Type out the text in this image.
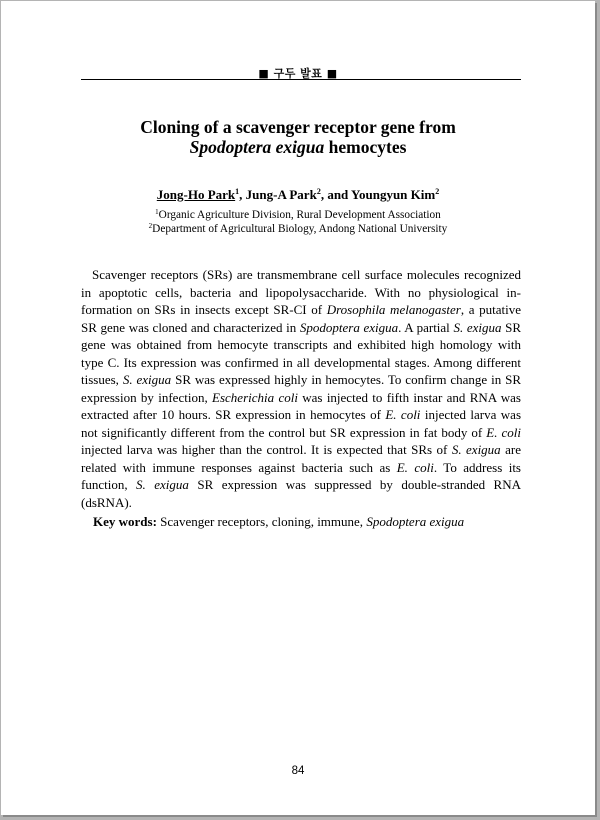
■ 구두 발표 ■
Cloning of a scavenger receptor gene from
Spodoptera exigua hemocytes
Jong-Ho Park$^1$, Jung-A Park$^2$, and Youngyun Kim$^2$
$^1$Organic Agriculture Division, Rural Development Association
$^2$Department of Agricultural Biology, Andong National University

Scavenger receptors (SRs) are transmembrane cell surface molecules recognized in apoptotic cells, bacteria and lipopolysaccharide. With no physiological information on SRs in insects except SR-CI of Drosophila melanogaster, a putative SR gene was cloned and characterized in Spodoptera exigua. A partial S. exigua SR gene was obtained from hemocyte transcripts and exhibited high homology with type C. Its expression was confirmed in all developmental stages. Among different tissues, S. exigua SR was expressed highly in hemocytes. To confirm change in SR expression by infection, Escherichia coli was injected to fifth instar and RNA was extracted after 10 hours. SR expression in hemocytes of E. coli injected larva was not significantly different from the control but SR expression in fat body of E. coli injected larva was higher than the control. It is expected that SRs of S. exigua are related with immune responses against bacteria such as E. coli. To address its function, S. exigua SR expression was suppressed by double-stranded RNA (dsRNA).

Key words: Scavenger receptors, cloning, immune, Spodoptera exigua

84
